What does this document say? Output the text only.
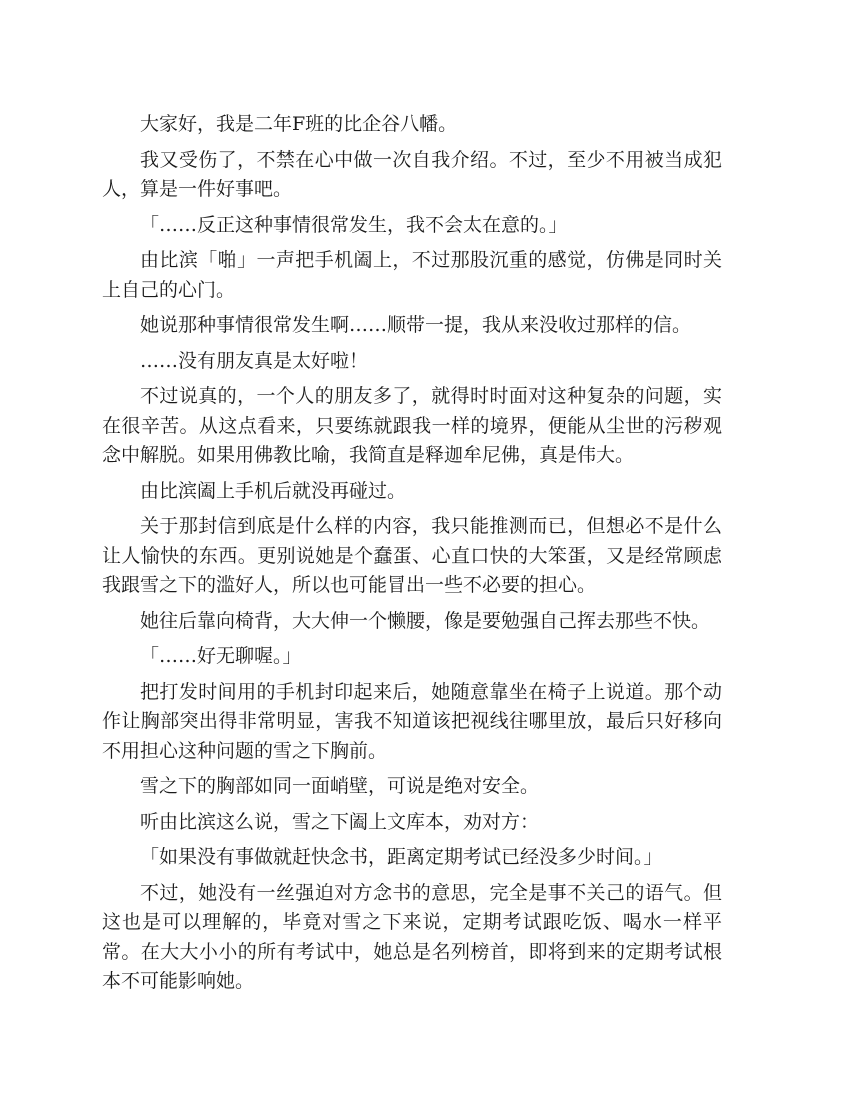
大家好，我是二年F班的比企谷八幡。

我又受伤了，不禁在心中做一次自我介绍。不过，至少不用被当成犯人，算是一件好事吧。

「……反正这种事情很常发生，我不会太在意的。」

由比滨「啪」一声把手机阖上，不过那股沉重的感觉，仿佛是同时关上自己的心门。

她说那种事情很常发生啊……顺带一提，我从来没收过那样的信。

……没有朋友真是太好啦！

不过说真的，一个人的朋友多了，就得时时面对这种复杂的问题，实在很辛苦。从这点看来，只要练就跟我一样的境界，便能从尘世的污秽观念中解脱。如果用佛教比喻，我简直是释迦牟尼佛，真是伟大。

由比滨阖上手机后就没再碰过。

关于那封信到底是什么样的内容，我只能推测而已，但想必不是什么让人愉快的东西。更别说她是个蠢蛋、心直口快的大笨蛋，又是经常顾虑我跟雪之下的滥好人，所以也可能冒出一些不必要的担心。

她往后靠向椅背，大大伸一个懒腰，像是要勉强自己挥去那些不快。

「……好无聊喔。」

把打发时间用的手机封印起来后，她随意靠坐在椅子上说道。那个动作让胸部突出得非常明显，害我不知道该把视线往哪里放，最后只好移向不用担心这种问题的雪之下胸前。

雪之下的胸部如同一面峭壁，可说是绝对安全。

听由比滨这么说，雪之下阖上文库本，劝对方：

「如果没有事做就赶快念书，距离定期考试已经没多少时间。」

不过，她没有一丝强迫对方念书的意思，完全是事不关己的语气。但这也是可以理解的，毕竟对雪之下来说，定期考试跟吃饭、喝水一样平常。在大大小小的所有考试中，她总是名列榜首，即将到来的定期考试根本不可能影响她。
